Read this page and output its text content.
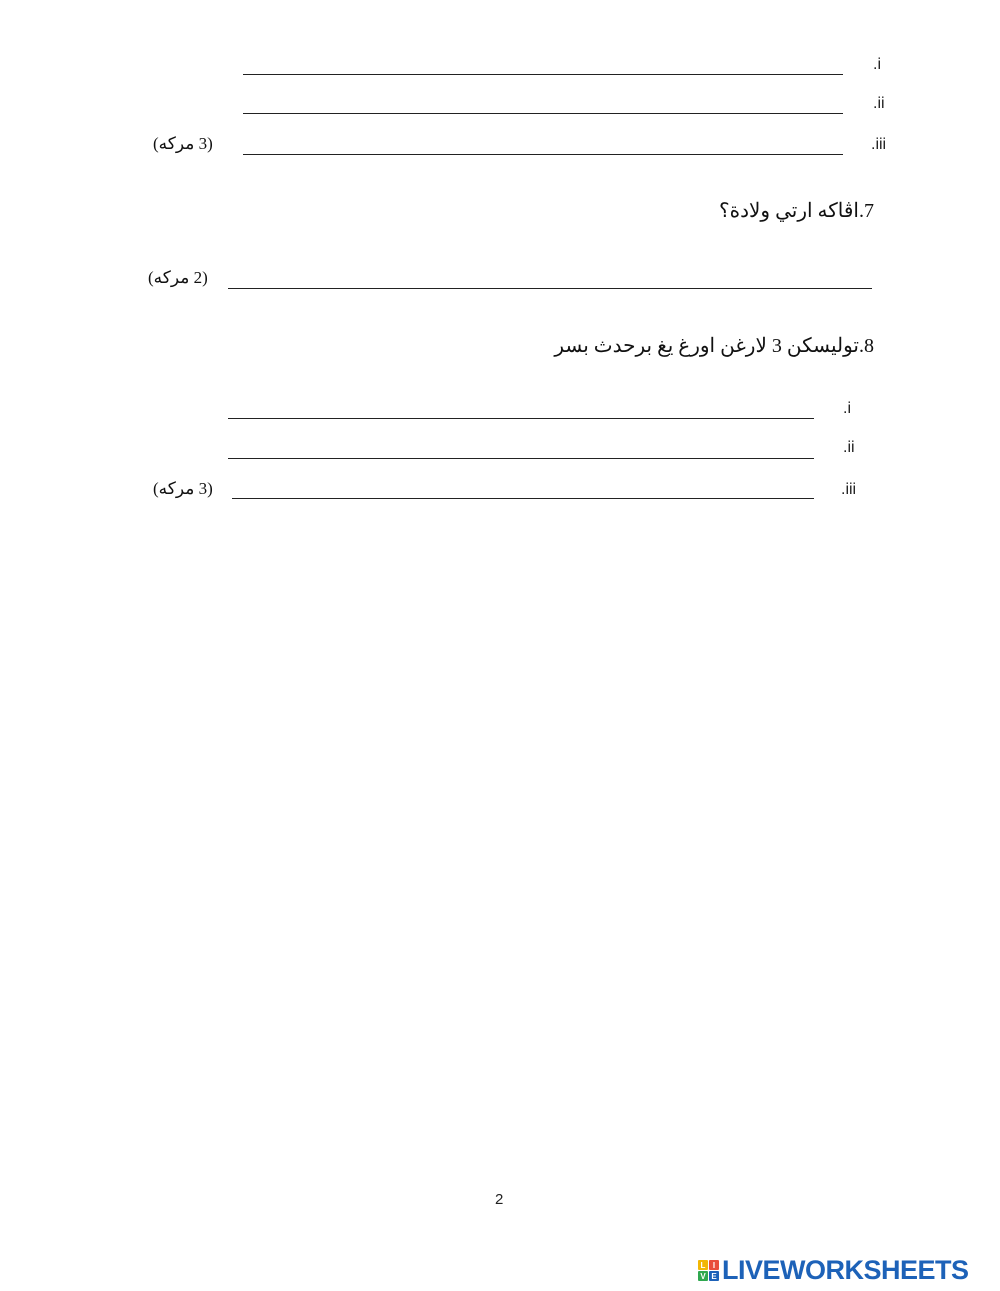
.i
.ii
.iii
(3 مركه)
7.اڤاكه ارتي ولادة؟
(2 مركه)
8.توليسكن 3 لارغن اورغ يغ برحدث بسر
.i
.ii
.iii
(3 مركه)
2
L I
V E LIVEWORKSHEETS
